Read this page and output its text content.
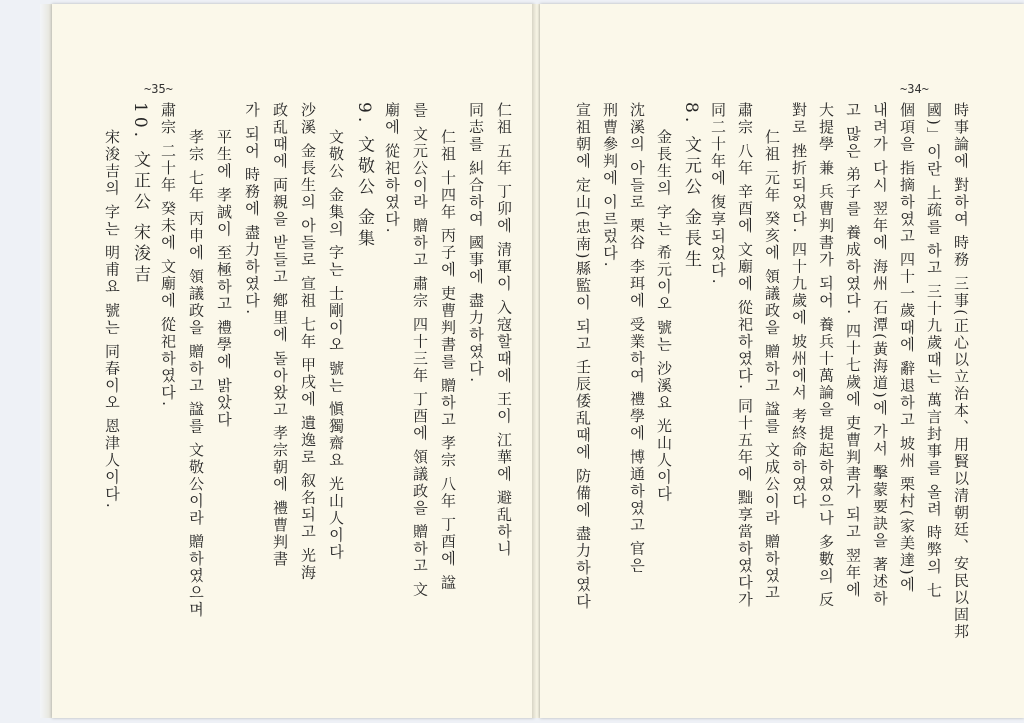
~35~
仁祖 五年 丁卯에 清軍이 入寇할때에 王이 江華에 避乱하니
同志를 糾合하여 國事에 盡力하였다.
仁祖 十四年 丙子에 吏曹判書를 贈하고 孝宗 八年 丁酉에 諡
를 文元公이라 贈하고 肅宗 四十三年 丁酉에 領議政을 贈하고 文
廟에 從祀하였다.
9. 文敬公 金集
文敬公 金集의 字는 士剛이오 號는 愼獨齋요 光山人이다
沙溪 金長生의 아들로 宣祖 七年 甲戌에 遺逸로 叙名되고 光海
政乱때에 両親을 받들고 鄕里에 돌아왔고 孝宗朝에 禮曹判書
가 되어 時務에 盡力하였다.
平生에 孝誠이 至極하고 禮學에 밝았다
孝宗 七年 丙申에 領議政을 贈하고 諡를 文敬公이라 贈하였으며
肅宗 二十年 癸未에 文廟에 從祀하였다.
10. 文正公 宋浚吉
宋浚吉의 字는 明甫요 號는 同春이오 恩津人이다.
~34~
時事論에 對하여 時務 三事(正心以立治本、用賢以清朝廷、安民以固邦
國)」이란 上疏를 하고 三十九歲때는 萬言封事를 올려 時弊의 七
個項을 指摘하였고 四十一歲때에 辭退하고 坡州 栗村(家美達)에
내려가 다시 翌年에 海州 石潭(黃海道)에 가서 擊蒙要訣을 著述하
고 많은 弟子를 養成하였다. 四十七歲에 吏曹判書가 되고 翌年에
大提學 兼 兵曹判書가 되어 養兵十萬論을 提起하였으나 多數의 反
對로 挫折되었다. 四十九歲에 坡州에서 考終命하였다
仁祖 元年 癸亥에 領議政을 贈하고 諡를 文成公이라 贈하였고
肅宗 八年 辛酉에 文廟에 從祀하였다. 同十五年에 黜享當하였다가
同二十年에 復享되었다.
8. 文元公 金長生
金長生의 字는 希元이오 號는 沙溪요 光山人이다
沈溪의 아들로 栗谷 李珥에 受業하여 禮學에 博通하였고 官은
刑曹參判에 이르렀다.
宣祖朝에 定山(忠南)縣監이 되고 壬辰倭乱때에 防備에 盡力하였다
